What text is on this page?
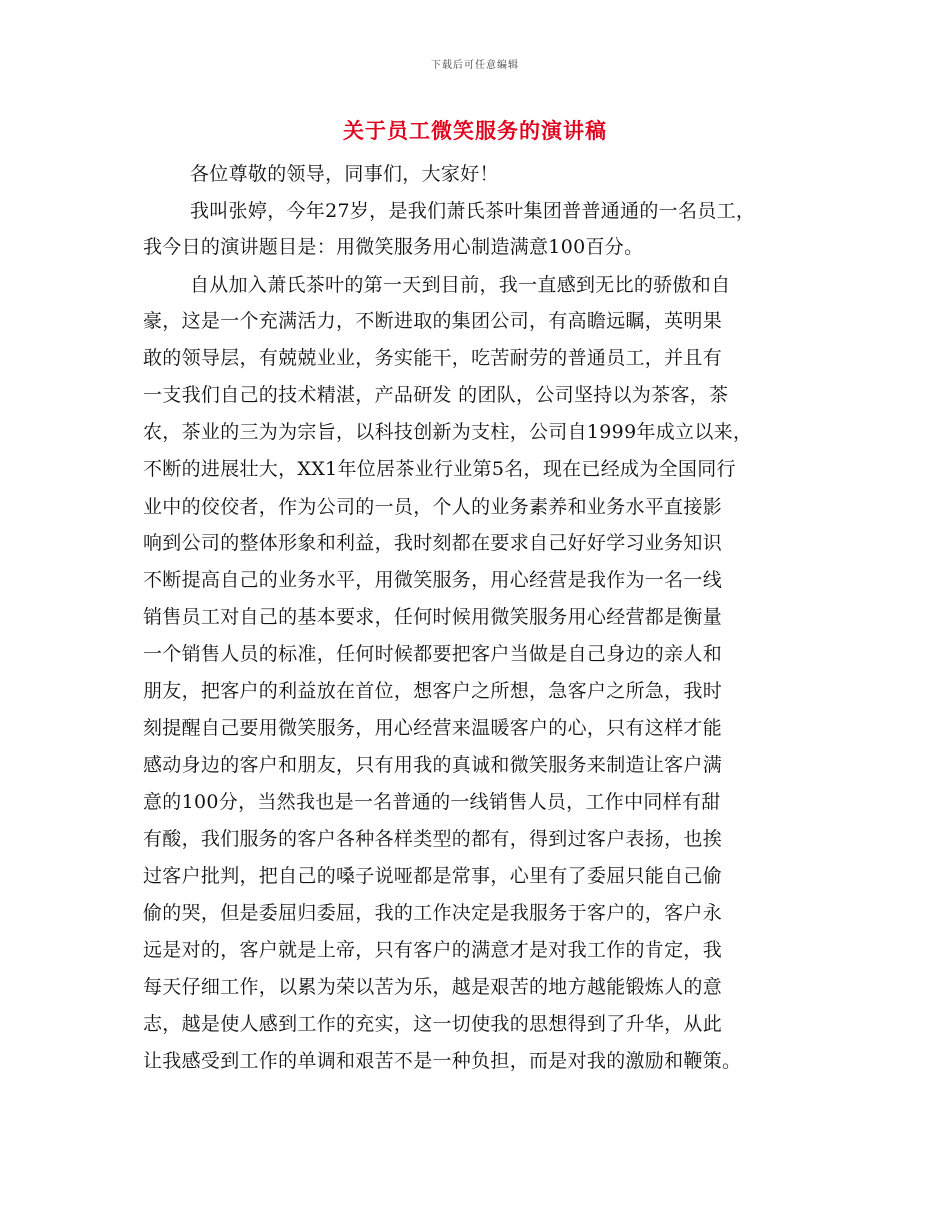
下载后可任意编辑
关于员工微笑服务的演讲稿
各位尊敬的领导，同事们，大家好！
我叫张婷，今年27岁，是我们萧氏茶叶集团普普通通的一名员工，
我今日的演讲题目是：用微笑服务用心制造满意100百分。
自从加入萧氏茶叶的第一天到目前，我一直感到无比的骄傲和自
豪，这是一个充满活力，不断进取的集团公司，有高瞻远瞩，英明果
敢的领导层，有兢兢业业，务实能干，吃苦耐劳的普通员工，并且有
一支我们自己的技术精湛，产品研发 的团队，公司坚持以为茶客，茶
农，茶业的三为为宗旨，以科技创新为支柱，公司自1999年成立以来，
不断的进展壮大，XX1年位居茶业行业第5名，现在已经成为全国同行
业中的佼佼者，作为公司的一员，个人的业务素养和业务水平直接影
响到公司的整体形象和利益，我时刻都在要求自己好好学习业务知识
不断提高自己的业务水平，用微笑服务，用心经营是我作为一名一线
销售员工对自己的基本要求，任何时候用微笑服务用心经营都是衡量
一个销售人员的标准，任何时候都要把客户当做是自己身边的亲人和
朋友，把客户的利益放在首位，想客户之所想，急客户之所急，我时
刻提醒自己要用微笑服务，用心经营来温暖客户的心，只有这样才能
感动身边的客户和朋友，只有用我的真诚和微笑服务来制造让客户满
意的100分，当然我也是一名普通的一线销售人员，工作中同样有甜
有酸，我们服务的客户各种各样类型的都有，得到过客户表扬，也挨
过客户批判，把自己的嗓子说哑都是常事，心里有了委屈只能自己偷
偷的哭，但是委屈归委屈，我的工作决定是我服务于客户的，客户永
远是对的，客户就是上帝，只有客户的满意才是对我工作的肯定，我
每天仔细工作，以累为荣以苦为乐，越是艰苦的地方越能锻炼人的意
志，越是使人感到工作的充实，这一切使我的思想得到了升华，从此
让我感受到工作的单调和艰苦不是一种负担，而是对我的激励和鞭策。
